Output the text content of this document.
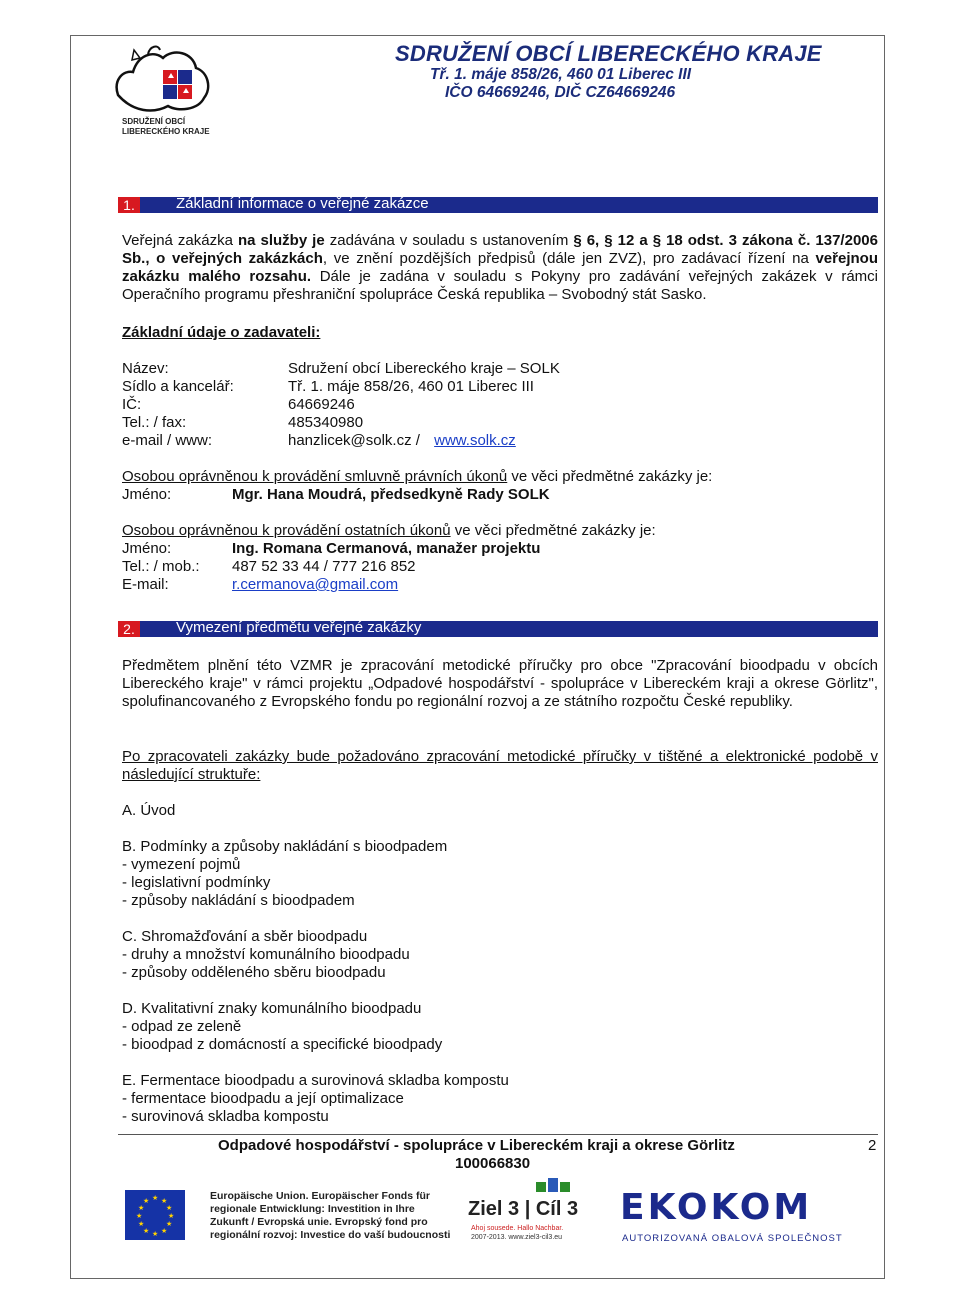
SDRUŽENÍ OBCÍ
LIBERECKÉHO KRAJE
SDRUŽENÍ OBCÍ LIBERECKÉHO KRAJE
Tř. 1. máje 858/26, 460 01 Liberec III
IČO 64669246, DIČ CZ64669246
1.	Základní informace o veřejné zakázce
Veřejná zakázka na služby je zadávána v souladu s ustanovením § 6, § 12 a § 18 odst. 3 zákona č. 137/2006 Sb., o veřejných zakázkách, ve znění pozdějších předpisů (dále jen ZVZ), pro zadávací řízení na veřejnou zakázku malého rozsahu. Dále je zadána v souladu s Pokyny pro zadávání veřejných zakázek v rámci Operačního programu přeshraniční spolupráce Česká republika – Svobodný stát Sasko.
Základní údaje o zadavateli:
Název:	Sdružení obcí Libereckého kraje – SOLK
Sídlo a kancelář:	Tř. 1. máje 858/26, 460 01 Liberec III
IČ:	64669246
Tel.: / fax:	485340980
e-mail / www:	hanzlicek@solk.cz / www.solk.cz
Osobou oprávněnou k provádění smluvně právních úkonů ve věci předmětné zakázky je:
Jméno:	Mgr. Hana Moudrá, předsedkyně Rady SOLK
Osobou oprávněnou k provádění ostatních úkonů ve věci předmětné zakázky je:
Jméno:	Ing. Romana Cermanová, manažer projektu
Tel.: / mob.: 487 52 33 44 / 777 216 852
E-mail:	r.cermanova@gmail.com
2.	Vymezení předmětu veřejné zakázky
Předmětem plnění této VZMR je zpracování metodické příručky pro obce "Zpracování bioodpadu v obcích Libereckého kraje" v rámci projektu „Odpadové hospodářství - spolupráce v Libereckém kraji a okrese Görlitz", spolufinancovaného z Evropského fondu po regionální rozvoj a ze státního rozpočtu České republiky.
Po zpracovateli zakázky bude požadováno zpracování metodické příručky v tištěné a elektronické podobě v následující struktuře:
A. Úvod
B. Podmínky a způsoby nakládání s bioodpadem
- vymezení pojmů
- legislativní podmínky
- způsoby nakládání s bioodpadem
C. Shromažďování a sběr bioodpadu
- druhy a množství komunálního bioodpadu
- způsoby odděleného sběru bioodpadu
D. Kvalitativní znaky komunálního bioodpadu
- odpad ze zeleně
- bioodpad z domácností a specifické bioodpady
E. Fermentace bioodpadu a surovinová skladba kompostu
- fermentace bioodpadu a její optimalizace
- surovinová skladba kompostu
Odpadové hospodářství - spolupráce v Libereckém kraji a okrese Görlitz
100066830
2
★ ★
★
★
★
★
★
★
★
★
★
★	Europäische Union. Europäischer Fonds für
regionale Entwicklung: Investition in Ihre
Zukunft / Evropská unie. Evropský fond pro
regionální rozvoj: Investice do vaší budoucnosti
Ziel 3 | Cíl 3
Ahoj sousede. Hallo Nachbar.
2007-2013. www.ziel3-cil3.eu
EKOKOM
AUTORIZOVANÁ OBALOVÁ SPOLEČNOST
